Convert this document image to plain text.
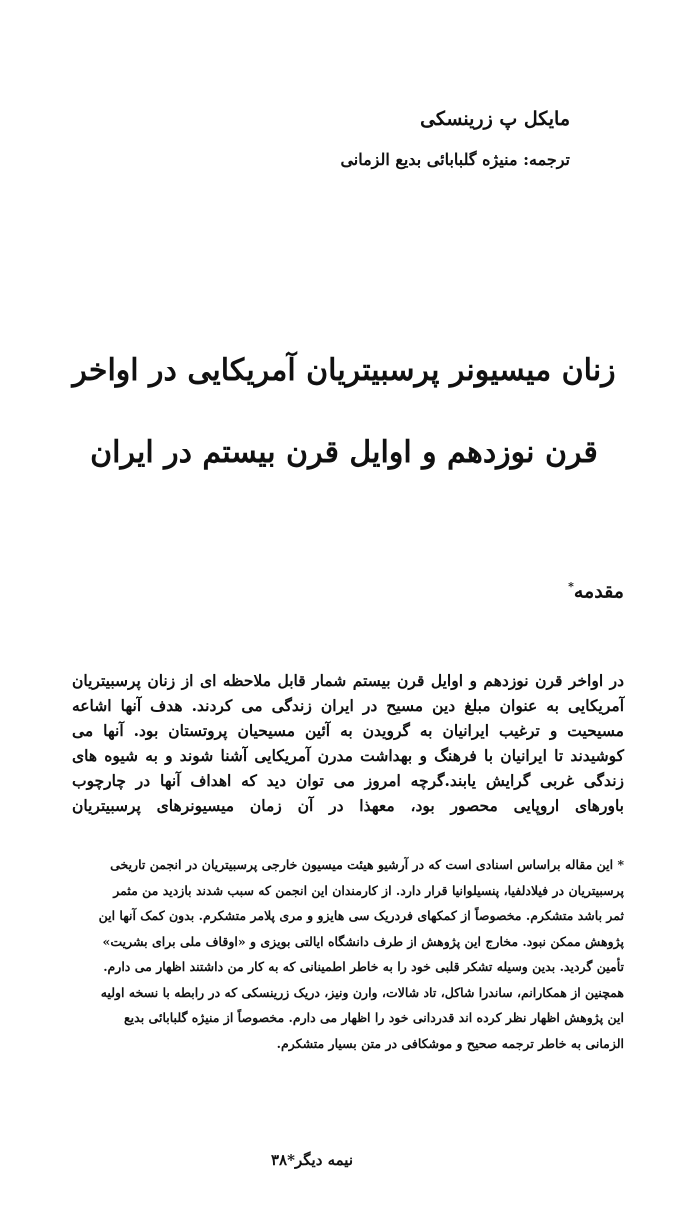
مایکل پ زرینسکی
ترجمه: منیژه گلبابائی بدیع الزمانی
زنان میسیونر پرسبیتریان آمریکایی در اواخر
قرن نوزدهم و اوایل قرن بیستم در ایران
مقدمه*
در اواخر قرن نوزدهم و اوایل قرن بیستم شمار قابل ملاحظه ای از زنان پرسبیتریان آمریکایی به عنوان مبلغ دین مسیح در ایران زندگی می کردند. هدف آنها اشاعه مسیحیت و ترغیب ایرانیان به گرویدن به آئین مسیحیان پروتستان بود. آنها می کوشیدند تا ایرانیان با فرهنگ و بهداشت مدرن آمریکایی آشنا شوند و به شیوه های زندگی غربی گرایش یابند.گرچه امروز می توان دید که اهداف آنها در چارچوب باورهای اروپایی محصور بود، معهذا در آن زمان میسیونرهای پرسبیتریان
* این مقاله براساس اسنادی است که در آرشیو هیئت میسیون خارجی پرسبیتریان در انجمن تاریخی
پرسبیتریان در فیلادلفیا، پنسیلوانیا قرار دارد. از کارمندان این انجمن که سبب شدند بازدید من مثمر
ثمر باشد متشکرم. مخصوصاً از کمکهای فردریک سی هایزو و مری پلامر متشکرم. بدون کمک آنها این
پژوهش ممکن نبود. مخارج این پژوهش از طرف دانشگاه ایالتی بویزی و «اوقاف ملی برای بشریت»
تأمین گردید. بدین وسیله تشکر قلبی خود را به خاطر اطمینانی که به کار من داشتند اظهار می دارم.
همچنین از همکارانم، ساندرا شاکل، تاد شالات، وارن ونیز، دریک زرینسکی که در رابطه با نسخه اولیه
این پژوهش اظهار نظر کرده اند قدردانی خود را اظهار می دارم. مخصوصاً از منیژه گلبابائی بدیع
الزمانی به خاطر ترجمه صحیح و موشکافی در متن بسیار متشکرم.
نیمه دیگر*۳۸
